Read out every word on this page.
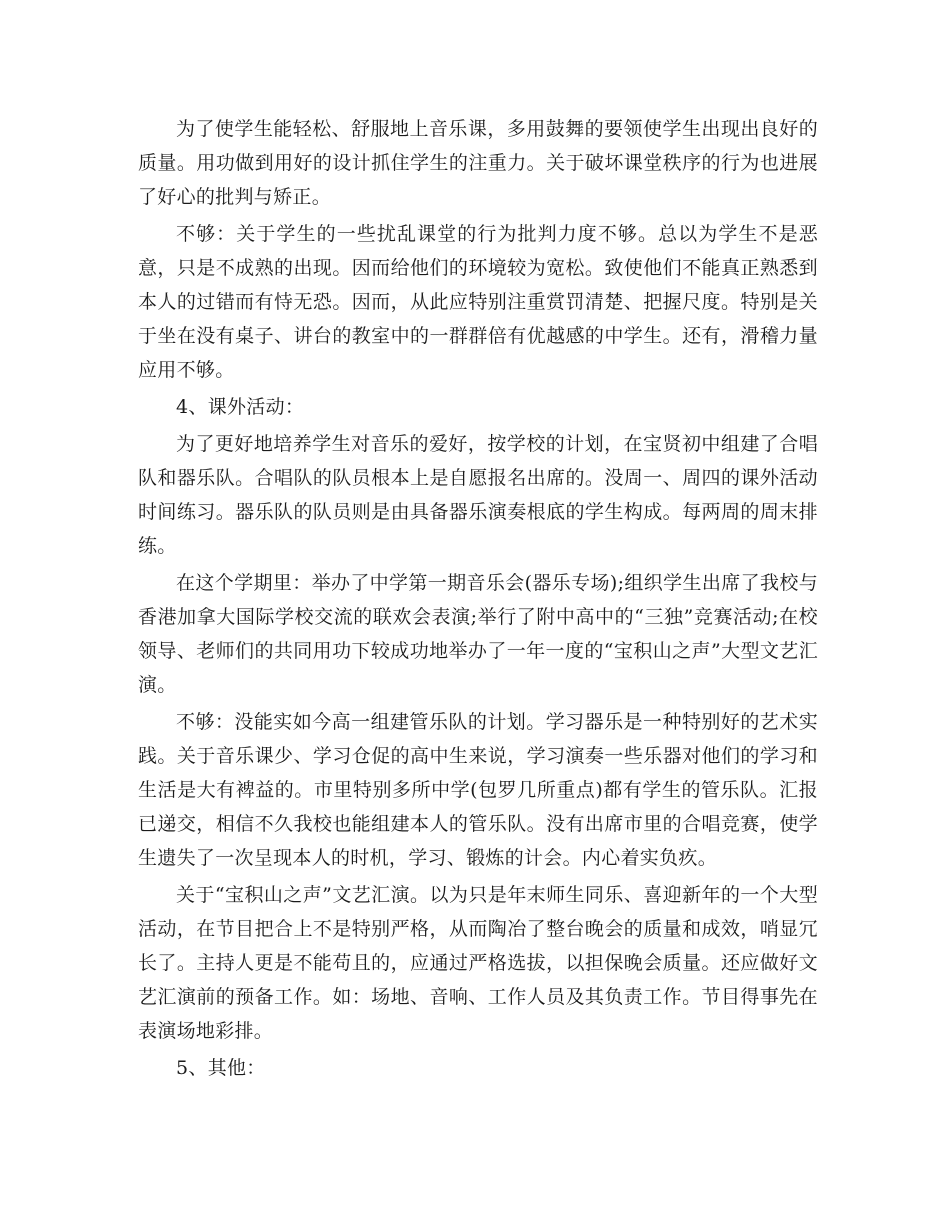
为了使学生能轻松、舒服地上音乐课，多用鼓舞的要领使学生出现出良好的质量。用功做到用好的设计抓住学生的注重力。关于破坏课堂秩序的行为也进展了好心的批判与矫正。

不够：关于学生的一些扰乱课堂的行为批判力度不够。总以为学生不是恶意，只是不成熟的出现。因而给他们的环境较为宽松。致使他们不能真正熟悉到本人的过错而有恃无恐。因而，从此应特别注重赏罚清楚、把握尺度。特别是关于坐在没有桌子、讲台的教室中的一群群倍有优越感的中学生。还有，滑稽力量应用不够。

4、课外活动：

为了更好地培养学生对音乐的爱好，按学校的计划，在宝贤初中组建了合唱队和器乐队。合唱队的队员根本上是自愿报名出席的。没周一、周四的课外活动时间练习。器乐队的队员则是由具备器乐演奏根底的学生构成。每两周的周末排练。

在这个学期里：举办了中学第一期音乐会(器乐专场);组织学生出席了我校与香港加拿大国际学校交流的联欢会表演;举行了附中高中的“三独”竞赛活动;在校领导、老师们的共同用功下较成功地举办了一年一度的“宝积山之声”大型文艺汇演。

不够：没能实如今高一组建管乐队的计划。学习器乐是一种特别好的艺术实践。关于音乐课少、学习仓促的高中生来说，学习演奏一些乐器对他们的学习和生活是大有裨益的。市里特别多所中学(包罗几所重点)都有学生的管乐队。汇报已递交，相信不久我校也能组建本人的管乐队。没有出席市里的合唱竞赛，使学生遗失了一次呈现本人的时机，学习、锻炼的计会。内心着实负疚。

关于“宝积山之声”文艺汇演。以为只是年末师生同乐、喜迎新年的一个大型活动，在节目把合上不是特别严格，从而陶冶了整台晚会的质量和成效，哨显冗长了。主持人更是不能苟且的，应通过严格选拔，以担保晚会质量。还应做好文艺汇演前的预备工作。如：场地、音响、工作人员及其负责工作。节目得事先在表演场地彩排。

5、其他：
